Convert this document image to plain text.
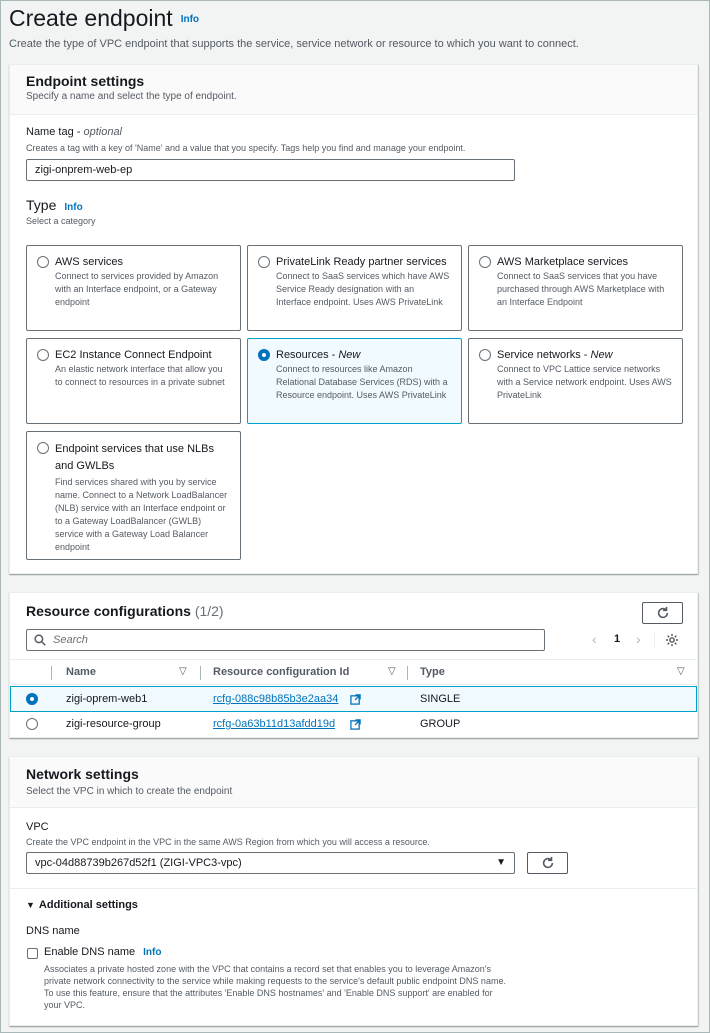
Create endpoint Info
Create the type of VPC endpoint that supports the service, service network or resource to which you want to connect.
Endpoint settings
Specify a name and select the type of endpoint.
Name tag - optional
Creates a tag with a key of 'Name' and a value that you specify. Tags help you find and manage your endpoint.
zigi-onprem-web-ep
Type Info
Select a category
AWS services
Connect to services provided by Amazon with an Interface endpoint, or a Gateway endpoint
PrivateLink Ready partner services
Connect to SaaS services which have AWS Service Ready designation with an Interface endpoint. Uses AWS PrivateLink
AWS Marketplace services
Connect to SaaS services that you have purchased through AWS Marketplace with an Interface Endpoint
EC2 Instance Connect Endpoint
An elastic network interface that allow you to connect to resources in a private subnet
Resources - New
Connect to resources like Amazon Relational Database Services (RDS) with a Resource endpoint. Uses AWS PrivateLink
Service networks - New
Connect to VPC Lattice service networks with a Service network endpoint. Uses AWS PrivateLink
Endpoint services that use NLBs and GWLBs
Find services shared with you by service name. Connect to a Network LoadBalancer (NLB) service with an Interface endpoint or to a Gateway LoadBalancer (GWLB) service with a Gateway Load Balancer endpoint
Resource configurations (1/2)
Search	‹ 1 ›
Name	▽ Resource configuration Id	▽ Type	▽
zigi-oprem-web1	rcfg-088c98b85b3e2aa34	SINGLE
zigi-resource-group	rcfg-0a63b11d13afdd19d	GROUP
Network settings
Select the VPC in which to create the endpoint
VPC
Create the VPC endpoint in the VPC in the same AWS Region from which you will access a resource.
vpc-04d88739b267d52f1 (ZIGI-VPC3-vpc)	▼
▼ Additional settings
DNS name
Enable DNS name Info
Associates a private hosted zone with the VPC that contains a record set that enables you to leverage Amazon's private network connectivity to the service while making requests to the service's default public endpoint DNS name. To use this feature, ensure that the attributes 'Enable DNS hostnames' and 'Enable DNS support' are enabled for your VPC.
